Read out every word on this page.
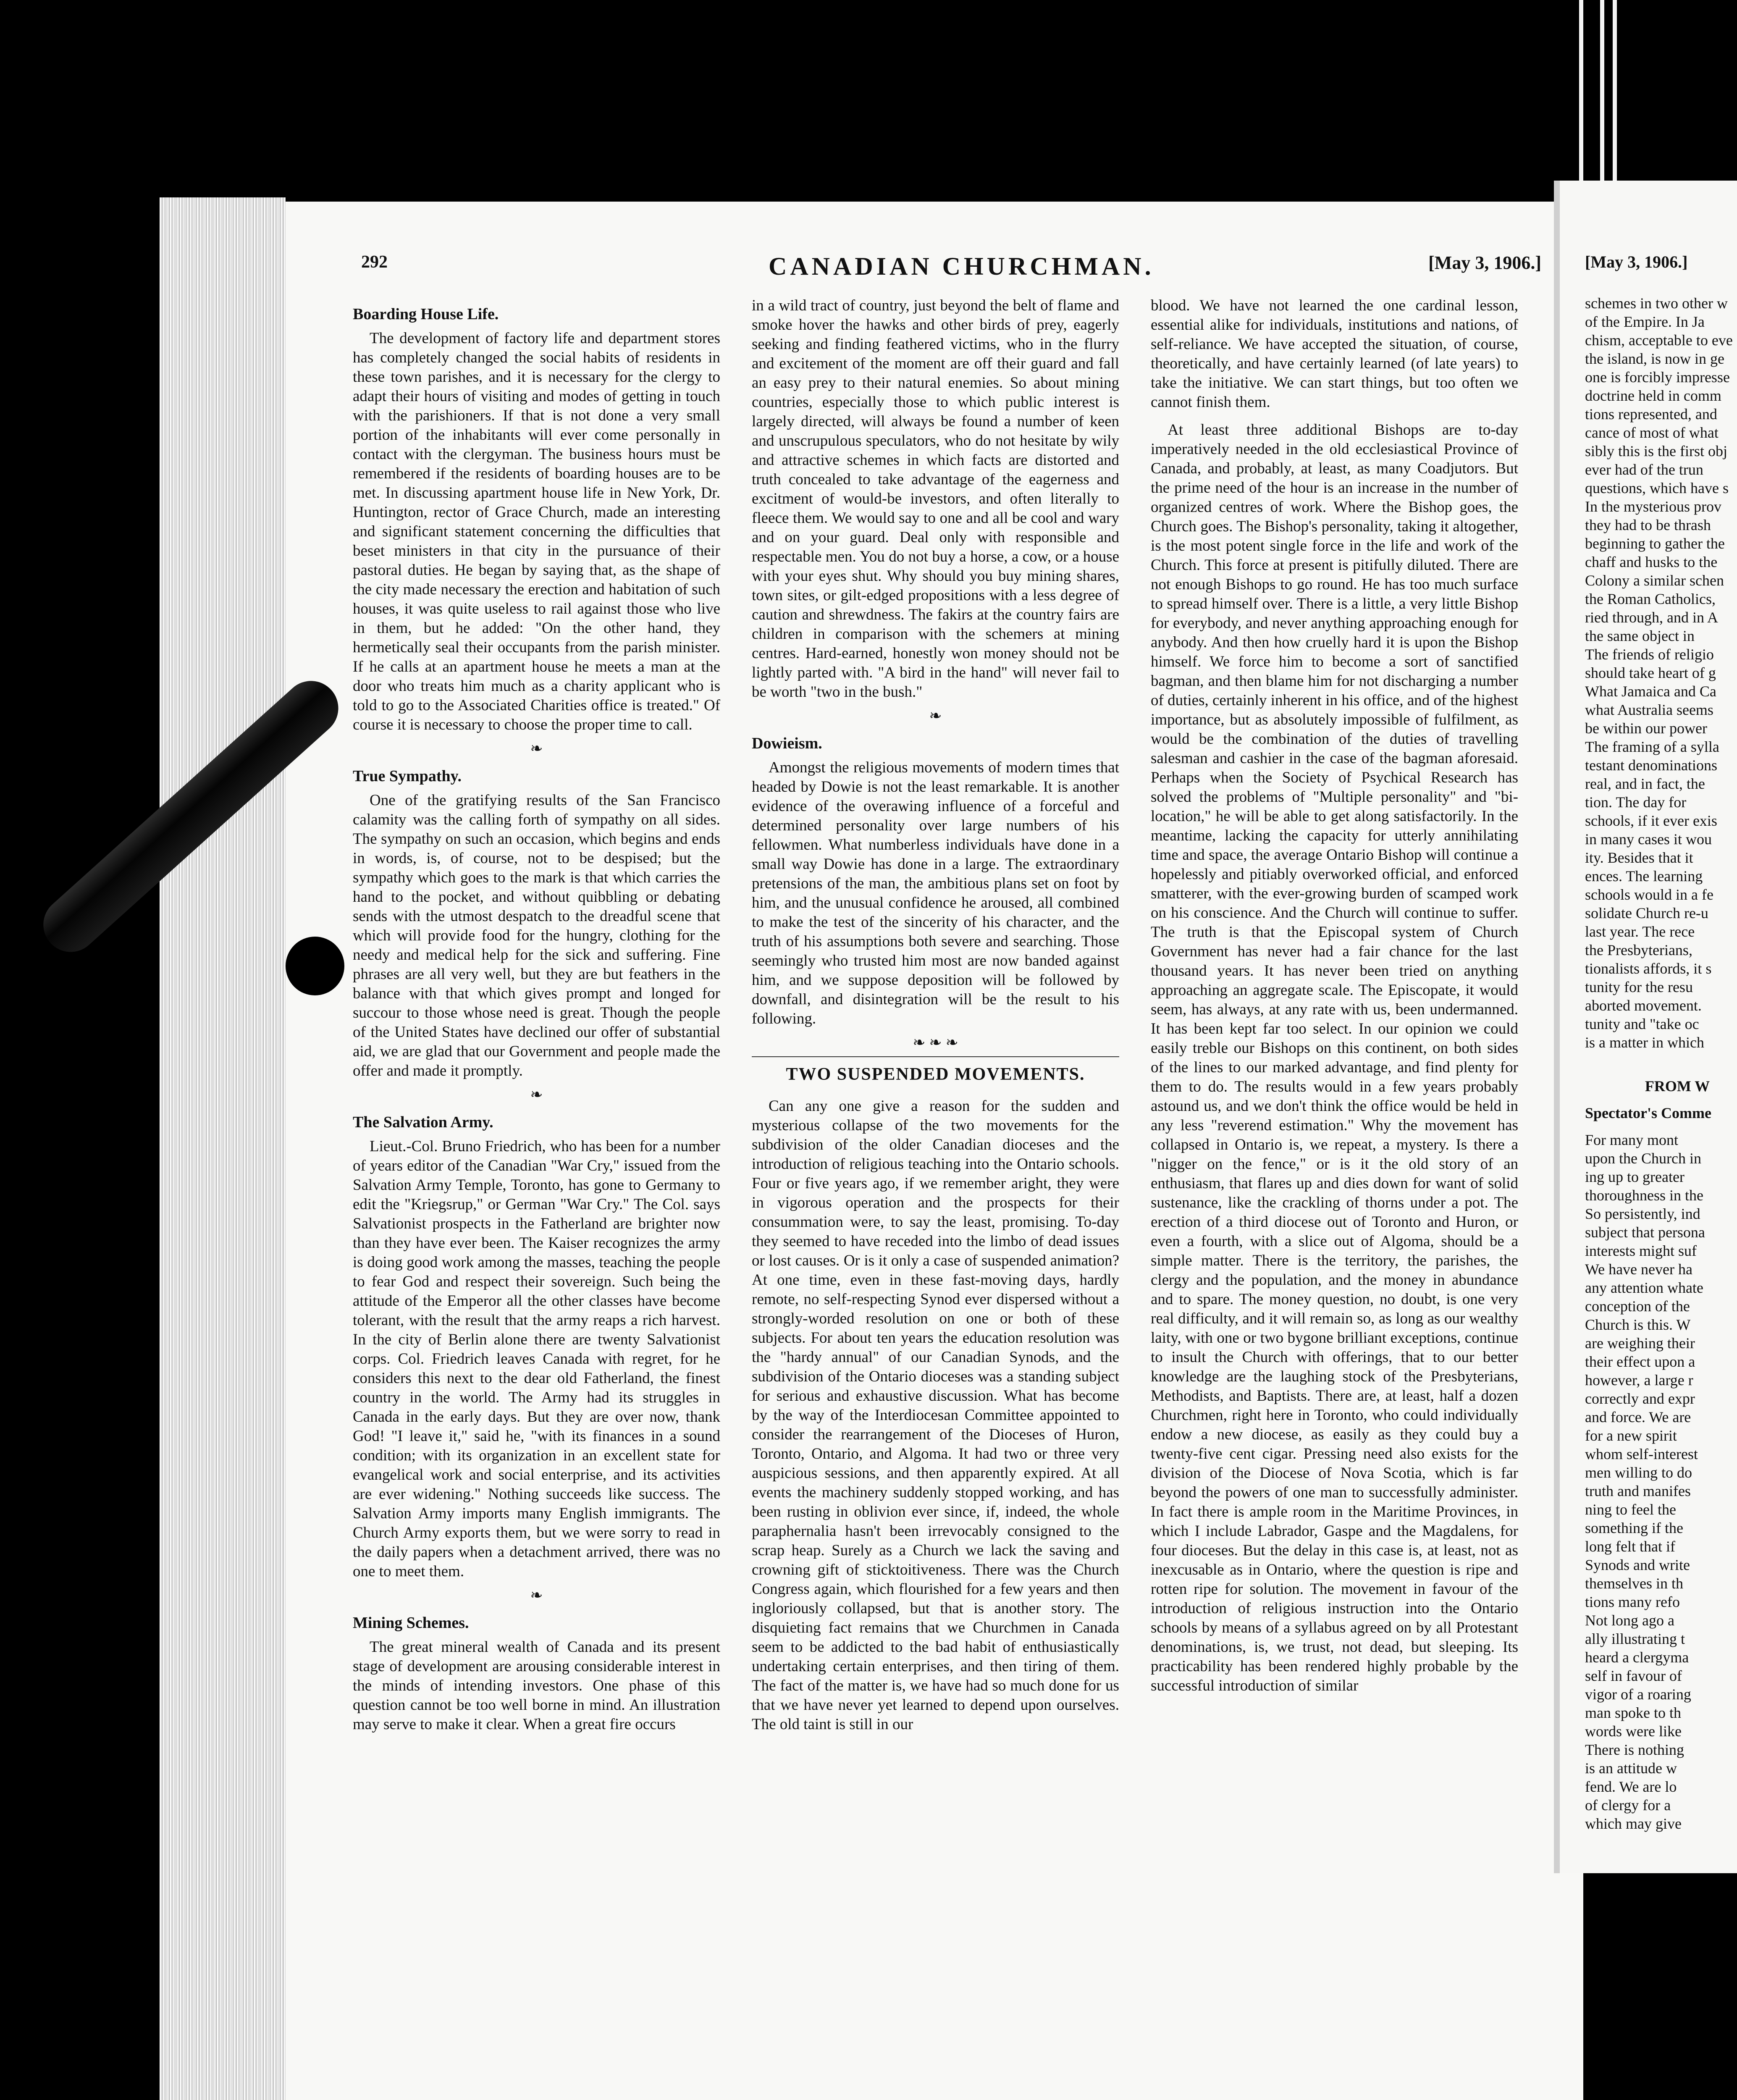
292	CANADIAN CHURCHMAN.	[May 3, 1906.]
Boarding House Life.

The development of factory life and department stores has completely changed the social habits of residents in these town parishes, and it is necessary for the clergy to adapt their hours of visiting and modes of getting in touch with the parishioners. If that is not done a very small portion of the inhabitants will ever come personally in contact with the clergyman. The business hours must be remembered if the residents of boarding houses are to be met. In discussing apartment house life in New York, Dr. Huntington, rector of Grace Church, made an interesting and significant statement concerning the difficulties that beset ministers in that city in the pursuance of their pastoral duties. He began by saying that, as the shape of the city made necessary the erection and habitation of such houses, it was quite useless to rail against those who live in them, but he added: "On the other hand, they hermetically seal their occupants from the parish minister. If he calls at an apartment house he meets a man at the door who treats him much as a charity applicant who is told to go to the Associated Charities office is treated." Of course it is necessary to choose the proper time to call.

❧
True Sympathy.

One of the gratifying results of the San Francisco calamity was the calling forth of sympathy on all sides. The sympathy on such an occasion, which begins and ends in words, is, of course, not to be despised; but the sympathy which goes to the mark is that which carries the hand to the pocket, and without quibbling or debating sends with the utmost despatch to the dreadful scene that which will provide food for the hungry, clothing for the needy and medical help for the sick and suffering. Fine phrases are all very well, but they are but feathers in the balance with that which gives prompt and longed for succour to those whose need is great. Though the people of the United States have declined our offer of substantial aid, we are glad that our Government and people made the offer and made it promptly.

❧
The Salvation Army.

Lieut.-Col. Bruno Friedrich, who has been for a number of years editor of the Canadian "War Cry," issued from the Salvation Army Temple, Toronto, has gone to Germany to edit the "Kriegsrup," or German "War Cry." The Col. says Salvationist prospects in the Fatherland are brighter now than they have ever been. The Kaiser recognizes the army is doing good work among the masses, teaching the people to fear God and respect their sovereign. Such being the attitude of the Emperor all the other classes have become tolerant, with the result that the army reaps a rich harvest. In the city of Berlin alone there are twenty Salvationist corps. Col. Friedrich leaves Canada with regret, for he considers this next to the dear old Fatherland, the finest country in the world. The Army had its struggles in Canada in the early days. But they are over now, thank God! "I leave it," said he, "with its finances in a sound condition; with its organization in an excellent state for evangelical work and social enterprise, and its activities are ever widening." Nothing succeeds like success. The Salvation Army imports many English immigrants. The Church Army exports them, but we were sorry to read in the daily papers when a detachment arrived, there was no one to meet them.

❧
Mining Schemes.

The great mineral wealth of Canada and its present stage of development are arousing considerable interest in the minds of intending investors. One phase of this question cannot be too well borne in mind. An illustration may serve to make it clear. When a great fire occurs

in a wild tract of country, just beyond the belt of flame and smoke hover the hawks and other birds of prey, eagerly seeking and finding feathered victims, who in the flurry and excitement of the moment are off their guard and fall an easy prey to their natural enemies. So about mining countries, especially those to which public interest is largely directed, will always be found a number of keen and unscrupulous speculators, who do not hesitate by wily and attractive schemes in which facts are distorted and truth concealed to take advantage of the eagerness and excitment of would-be investors, and often literally to fleece them. We would say to one and all be cool and wary and on your guard. Deal only with responsible and respectable men. You do not buy a horse, a cow, or a house with your eyes shut. Why should you buy mining shares, town sites, or gilt-edged propositions with a less degree of caution and shrewdness. The fakirs at the country fairs are children in comparison with the schemers at mining centres. Hard-earned, honestly won money should not be lightly parted with. "A bird in the hand" will never fail to be worth "two in the bush."

❧
Dowieism.

Amongst the religious movements of modern times that headed by Dowie is not the least remarkable. It is another evidence of the overawing influence of a forceful and determined personality over large numbers of his fellowmen. What numberless individuals have done in a small way Dowie has done in a large. The extraordinary pretensions of the man, the ambitious plans set on foot by him, and the unusual confidence he aroused, all combined to make the test of the sincerity of his character, and the truth of his assumptions both severe and searching. Those seemingly who trusted him most are now banded against him, and we suppose deposition will be followed by downfall, and disintegration will be the result to his following.

❧ ❧ ❧
TWO SUSPENDED MOVEMENTS.

Can any one give a reason for the sudden and mysterious collapse of the two movements for the subdivision of the older Canadian dioceses and the introduction of religious teaching into the Ontario schools. Four or five years ago, if we remember aright, they were in vigorous operation and the prospects for their consummation were, to say the least, promising. To-day they seemed to have receded into the limbo of dead issues or lost causes. Or is it only a case of suspended animation? At one time, even in these fast-moving days, hardly remote, no self-respecting Synod ever dispersed without a strongly-worded resolution on one or both of these subjects. For about ten years the education resolution was the "hardy annual" of our Canadian Synods, and the subdivision of the Ontario dioceses was a standing subject for serious and exhaustive discussion. What has become by the way of the Interdiocesan Committee appointed to consider the rearrangement of the Dioceses of Huron, Toronto, Ontario, and Algoma. It had two or three very auspicious sessions, and then apparently expired. At all events the machinery suddenly stopped working, and has been rusting in oblivion ever since, if, indeed, the whole paraphernalia hasn't been irrevocably consigned to the scrap heap. Surely as a Church we lack the saving and crowning gift of sticktoitiveness. There was the Church Congress again, which flourished for a few years and then ingloriously collapsed, but that is another story. The disquieting fact remains that we Churchmen in Canada seem to be addicted to the bad habit of enthusiastically undertaking certain enterprises, and then tiring of them. The fact of the matter is, we have had so much done for us that we have never yet learned to depend upon ourselves. The old taint is still in our

blood. We have not learned the one cardinal lesson, essential alike for individuals, institutions and nations, of self-reliance. We have accepted the situation, of course, theoretically, and have certainly learned (of late years) to take the initiative. We can start things, but too often we cannot finish them.

At least three additional Bishops are to-day imperatively needed in the old ecclesiastical Province of Canada, and probably, at least, as many Coadjutors. But the prime need of the hour is an increase in the number of organized centres of work. Where the Bishop goes, the Church goes. The Bishop's personality, taking it altogether, is the most potent single force in the life and work of the Church. This force at present is pitifully diluted. There are not enough Bishops to go round. He has too much surface to spread himself over. There is a little, a very little Bishop for everybody, and never anything approaching enough for anybody. And then how cruelly hard it is upon the Bishop himself. We force him to become a sort of sanctified bagman, and then blame him for not discharging a number of duties, certainly inherent in his office, and of the highest importance, but as absolutely impossible of fulfilment, as would be the combination of the duties of travelling salesman and cashier in the case of the bagman aforesaid. Perhaps when the Society of Psychical Research has solved the problems of "Multiple personality" and "bi-location," he will be able to get along satisfactorily. In the meantime, lacking the capacity for utterly annihilating time and space, the average Ontario Bishop will continue a hopelessly and pitiably overworked official, and enforced smatterer, with the ever-growing burden of scamped work on his conscience. And the Church will continue to suffer. The truth is that the Episcopal system of Church Government has never had a fair chance for the last thousand years. It has never been tried on anything approaching an aggregate scale. The Episcopate, it would seem, has always, at any rate with us, been undermanned. It has been kept far too select. In our opinion we could easily treble our Bishops on this continent, on both sides of the lines to our marked advantage, and find plenty for them to do. The results would in a few years probably astound us, and we don't think the office would be held in any less "reverend estimation." Why the movement has collapsed in Ontario is, we repeat, a mystery. Is there a "nigger on the fence," or is it the old story of an enthusiasm, that flares up and dies down for want of solid sustenance, like the crackling of thorns under a pot. The erection of a third diocese out of Toronto and Huron, or even a fourth, with a slice out of Algoma, should be a simple matter. There is the territory, the parishes, the clergy and the population, and the money in abundance and to spare. The money question, no doubt, is one very real difficulty, and it will remain so, as long as our wealthy laity, with one or two bygone brilliant exceptions, continue to insult the Church with offerings, that to our better knowledge are the laughing stock of the Presbyterians, Methodists, and Baptists. There are, at least, half a dozen Churchmen, right here in Toronto, who could individually endow a new diocese, as easily as they could buy a twenty-five cent cigar. Pressing need also exists for the division of the Diocese of Nova Scotia, which is far beyond the powers of one man to successfully administer. In fact there is ample room in the Maritime Provinces, in which I include Labrador, Gaspe and the Magdalens, for four dioceses. But the delay in this case is, at least, not as inexcusable as in Ontario, where the question is ripe and rotten ripe for solution. The movement in favour of the introduction of religious instruction into the Ontario schools by means of a syllabus agreed on by all Protestant denominations, is, we trust, not dead, but sleeping. Its practicability has been rendered highly probable by the successful introduction of similar

[May 3, 1906.]
schemes in two other w
of the Empire. In Ja
chism, acceptable to eve
the island, is now in ge
one is forcibly impresse
doctrine held in comm
tions represented, and
cance of most of what
sibly this is the first obj
ever had of the trun
questions, which have s
In the mysterious prov
they had to be thrash
beginning to gather the
chaff and husks to the
Colony a similar schen
the Roman Catholics,
ried through, and in A
the same object in
The friends of religio
should take heart of g
What Jamaica and Ca
what Australia seems
be within our power
The framing of a sylla
testant denominations
real, and in fact, the
tion. The day for
schools, if it ever exis
in many cases it wou
ity. Besides that it
ences. The learning
schools would in a fe
solidate Church re-u
last year. The rece
the Presbyterians,
tionalists affords, it s
tunity for the resu
aborted movement.
tunity and "take oc
is a matter in which
FROM W
Spectator's Comme
For many mont
upon the Church in
ing up to greater
thoroughness in the
So persistently, ind
subject that persona
interests might suf
We have never ha
any attention whate
conception of the
Church is this. W
are weighing their
their effect upon a
however, a large r
correctly and expr
and force. We are
for a new spirit
whom self-interest
men willing to do
truth and manifes
ning to feel the
something if the
long felt that if
Synods and write
themselves in th
tions many refo
Not long ago a
ally illustrating t
heard a clergyma
self in favour of
vigor of a roaring
man spoke to th
words were like
There is nothing
is an attitude w
fend. We are lo
of clergy for a
which may give
